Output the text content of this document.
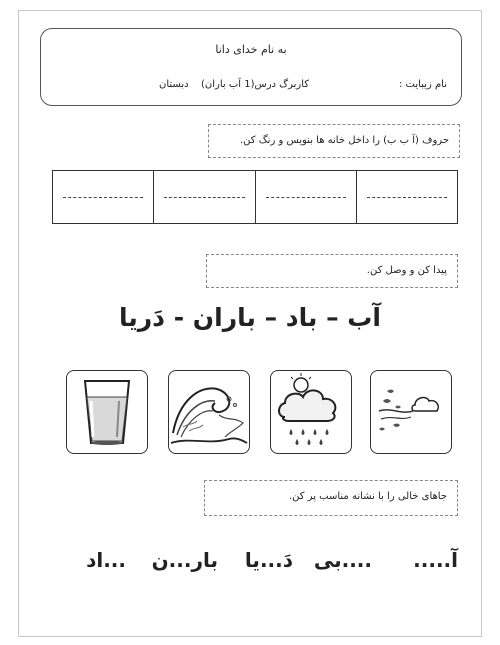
به نام خدای دانا
نام زیبایت :
کاربرگ درس(1 آب باران)
دبستان
حروف (آ ب ب) را داخل خانه ها بنویس و رنگ کن.
پیدا کن و وصل کن.
آب – باد – باران - دَریا
جاهای خالی را با نشانه مناسب پر کن.
آ.....
....بی
دَ...یا
بار...ن
...اد
